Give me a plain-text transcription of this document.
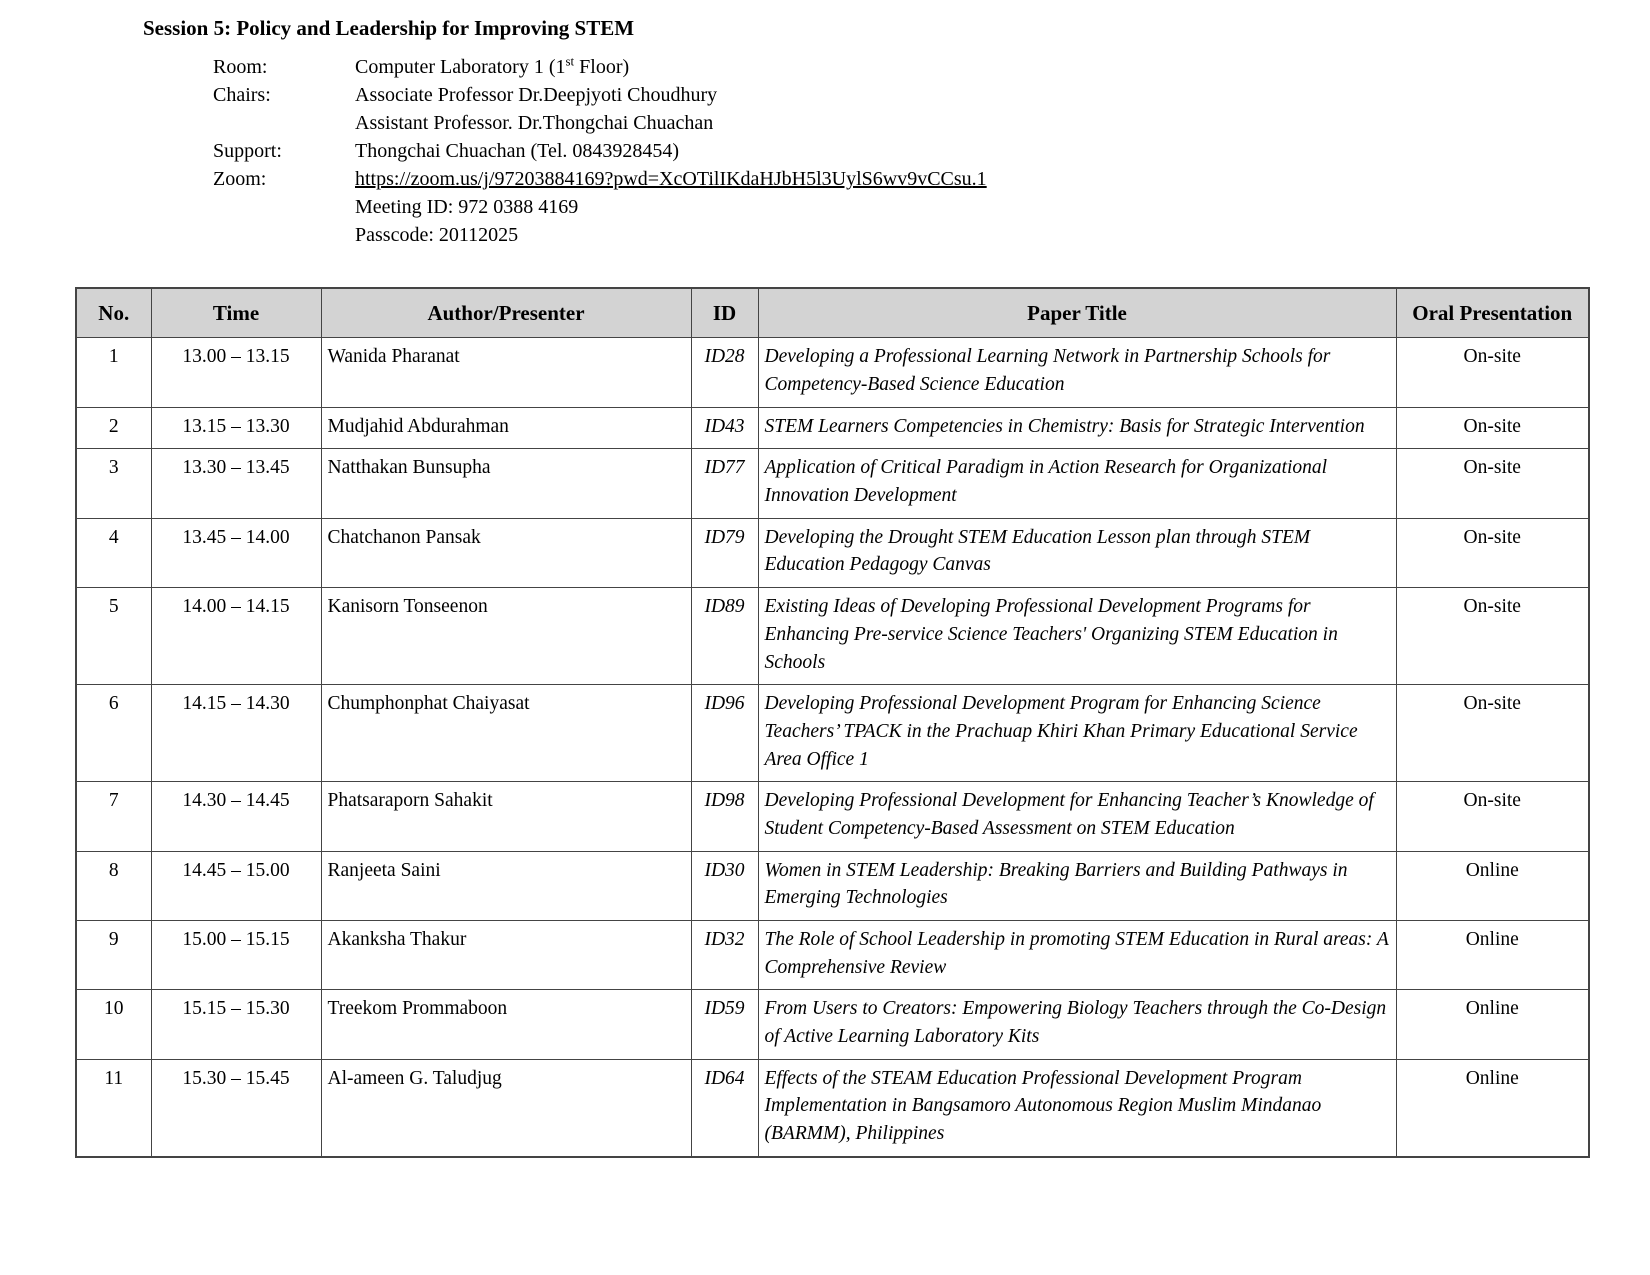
Session 5: Policy and Leadership for Improving STEM
Room:	Computer Laboratory 1 (1st Floor)
Chairs:	Associate Professor Dr.Deepjyoti Choudhury
Assistant Professor. Dr.Thongchai Chuachan
Support:	Thongchai Chuachan (Tel. 0843928454)
Zoom:	https://zoom.us/j/97203884169?pwd=XcOTilIKdaHJbH5l3UylS6wv9vCCsu.1
Meeting ID: 972 0388 4169
Passcode: 20112025
No.	Time	Author/Presenter	ID	Paper Title	Oral Presentation
1	13.00 – 13.15	Wanida Pharanat	ID28	Developing a Professional Learning Network in Partnership Schools for Competency-Based Science Education	On-site
2	13.15 – 13.30	Mudjahid Abdurahman	ID43	STEM Learners Competencies in Chemistry: Basis for Strategic Intervention	On-site
3	13.30 – 13.45	Natthakan Bunsupha	ID77	Application of Critical Paradigm in Action Research for Organizational Innovation Development	On-site
4	13.45 – 14.00	Chatchanon Pansak	ID79	Developing the Drought STEM Education Lesson plan through STEM Education Pedagogy Canvas	On-site
5	14.00 – 14.15	Kanisorn Tonseenon	ID89	Existing Ideas of Developing Professional Development Programs for Enhancing Pre-service Science Teachers' Organizing STEM Education in Schools	On-site
6	14.15 – 14.30	Chumphonphat Chaiyasat	ID96	Developing Professional Development Program for Enhancing Science Teachers’ TPACK in the Prachuap Khiri Khan Primary Educational Service Area Office 1	On-site
7	14.30 – 14.45	Phatsaraporn Sahakit	ID98	Developing Professional Development for Enhancing Teacher’s Knowledge of Student Competency-Based Assessment on STEM Education	On-site
8	14.45 – 15.00	Ranjeeta Saini	ID30	Women in STEM Leadership: Breaking Barriers and Building Pathways in Emerging Technologies	Online
9	15.00 – 15.15	Akanksha Thakur	ID32	The Role of School Leadership in promoting STEM Education in Rural areas: A Comprehensive Review	Online
10	15.15 – 15.30	Treekom Prommaboon	ID59	From Users to Creators: Empowering Biology Teachers through the Co-Design of Active Learning Laboratory Kits	Online
11	15.30 – 15.45	Al-ameen G. Taludjug	ID64	Effects of the STEAM Education Professional Development Program Implementation in Bangsamoro Autonomous Region Muslim Mindanao (BARMM), Philippines	Online
